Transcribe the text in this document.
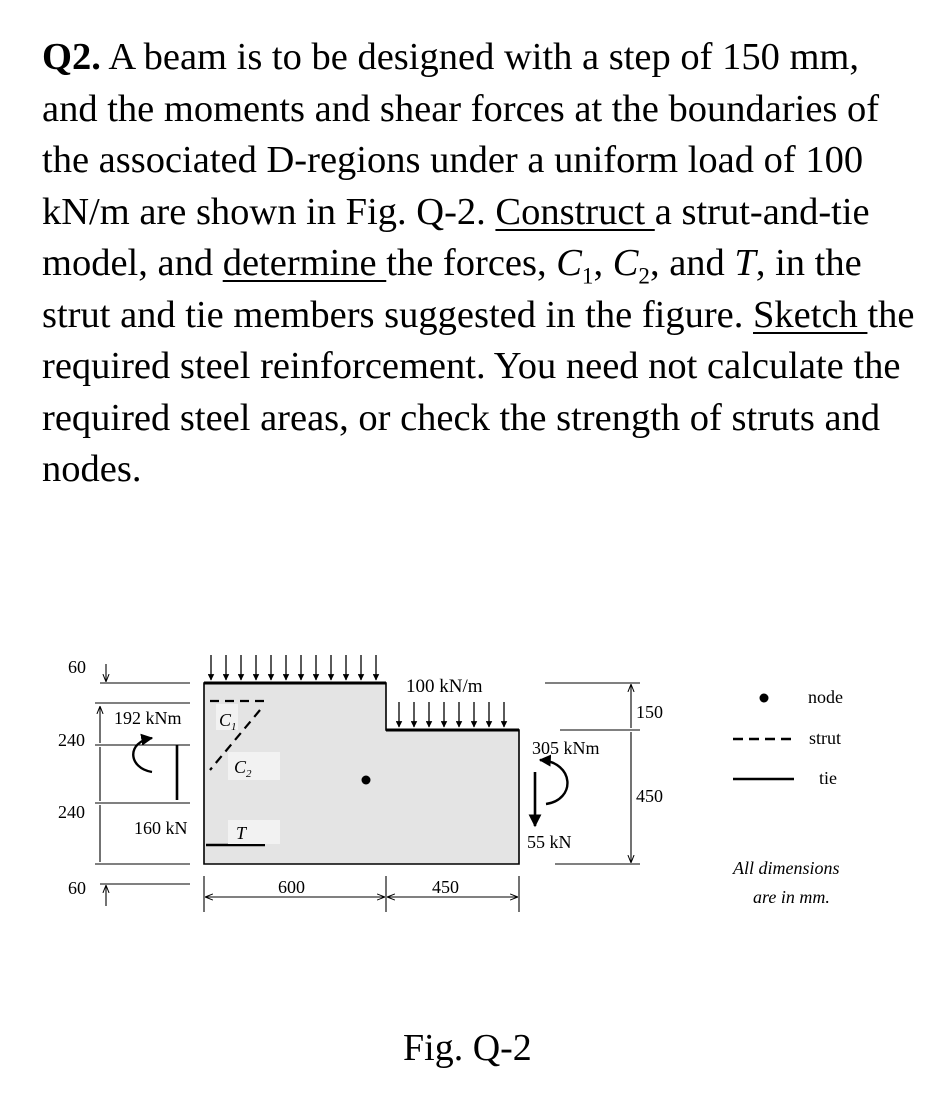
Q2. A beam is to be designed with a step of 150 mm, and the moments and shear forces at the boundaries of the associated D-regions under a uniform load of 100 kN/m are shown in Fig. Q-2. Construct a strut-and-tie model, and determine the forces, $C_1$, $C_2$, and T, in the strut and tie members suggested in the figure. Sketch the required steel reinforcement. You need not calculate the required steel areas, or check the strength of struts and nodes.

100 kN/m
$C_1$
$C_2$
T
60
240
240
60
192 kNm
160 kN
305 kNm
55 kN
150
450
600	450
node
strut
tie
All dimensions
are in mm.
Fig. Q-2
